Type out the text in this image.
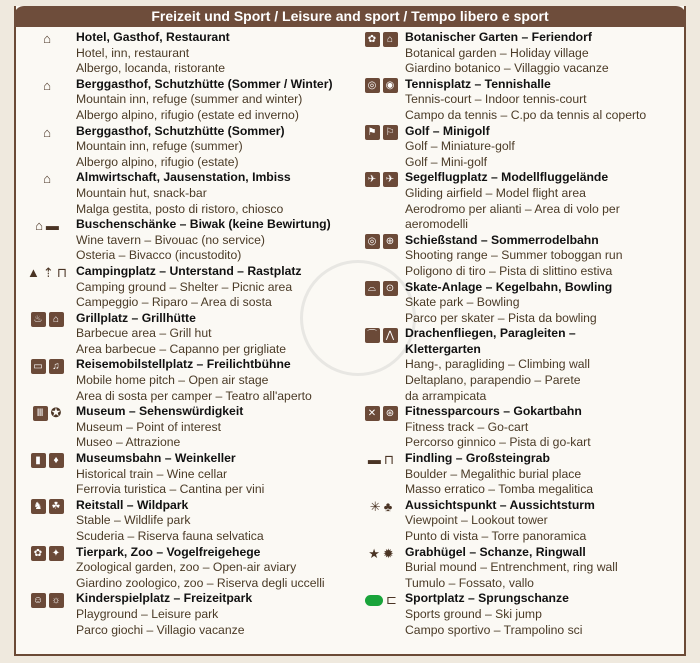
Freizeit und Sport / Leisure and sport / Tempo libero e sport
⌂ Hotel, Gasthof, Restaurant
Hotel, inn, restaurant
Albergo, locanda, ristorante
⌂ Berggasthof, Schutzhütte (Sommer / Winter)
Mountain inn, refuge (summer and winter)
Albergo alpino, rifugio (estate ed inverno)
⌂ Berggasthof, Schutzhütte (Sommer)
Mountain inn, refuge (summer)
Albergo alpino, rifugio (estate)
⌂ Almwirtschaft, Jausenstation, Imbiss
Mountain hut, snack-bar
Malga gestita, posto di ristoro, chiosco
⌂ ▬ Buschenschänke – Biwak (keine Bewirtung)
Wine tavern – Bivouac (no service)
Osteria – Bivacco (incustodito)
▲ ⇡ ⊓ Campingplatz – Unterstand – Rastplatz
Camping ground – Shelter – Picnic area
Campeggio – Riparo – Area di sosta
♨	⌂	Grillplatz – Grillhütte
Barbecue area – Grill hut
Area barbecue – Capanno per grigliate
▭ ♫	Reisemobilstellplatz – Freilichtbühne
Mobile home pitch – Open air stage
Area di sosta per camper – Teatro all'aperto
Ⅲ ✪ Museum – Sehenswürdigkeit
Museum – Point of interest
Museo – Attrazione
▮	♦	Museumsbahn – Weinkeller
Historical train – Wine cellar
Ferrovia turistica – Cantina per vini
♞ ☘ Reitstall – Wildpark
Stable – Wildlife park
Scuderia – Riserva fauna selvatica
✿ ✦ Tierpark, Zoo – Vogelfreigehege
Zoological garden, zoo – Open-air aviary
Giardino zoologico, zoo – Riserva degli uccelli
☺ ☼ Kinderspielplatz – Freizeitpark
Playground – Leisure park
Parco giochi – Villagio vacanze
✿	⌂ Botanischer Garten – Feriendorf
Botanical garden – Holiday village
Giardino botanico – Villaggio vacanze
◎ ◉ Tennisplatz – Tennishalle
Tennis-court – Indoor tennis-court
Campo da tennis – C.po da tennis al coperto
⚑ ⚐ Golf – Minigolf
Golf – Miniature-golf
Golf – Mini-golf
✈ ✈ Segelflugplatz – Modellfluggelände
Gliding airfield – Model flight area
Aerodromo per alianti – Area di volo per
aeromodelli
◎ ⊕ Schießstand – Sommerrodelbahn
Shooting range – Summer toboggan run
Poligono di tiro – Pista di slittino estiva
⌓ ⊙ Skate-Anlage – Kegelbahn, Bowling
Skate park – Bowling
Parco per skater – Pista da bowling
⌒ ⋀ Drachenfliegen, Paragleiten –
Klettergarten
Hang-, paragliding – Climbing wall
Deltaplano, parapendio – Parete
da arrampicata
✕ ⊛ Fitnessparcours – Gokartbahn
Fitness track – Go-cart
Percorso ginnico – Pista di go-kart
▬ ⊓ Findling – Großsteingrab
Boulder – Megalithic burial place
Masso erratico – Tomba megalitica
✳ ♣ Aussichtspunkt – Aussichtsturm
Viewpoint – Lookout tower
Punto di vista – Torre panoramica
★ ✹ Grabhügel – Schanze, Ringwall
Burial mound – Entrenchment, ring wall
Tumulo – Fossato, vallo
⊏ Sportplatz – Sprungschanze
Sports ground – Ski jump
Campo sportivo – Trampolino sci
